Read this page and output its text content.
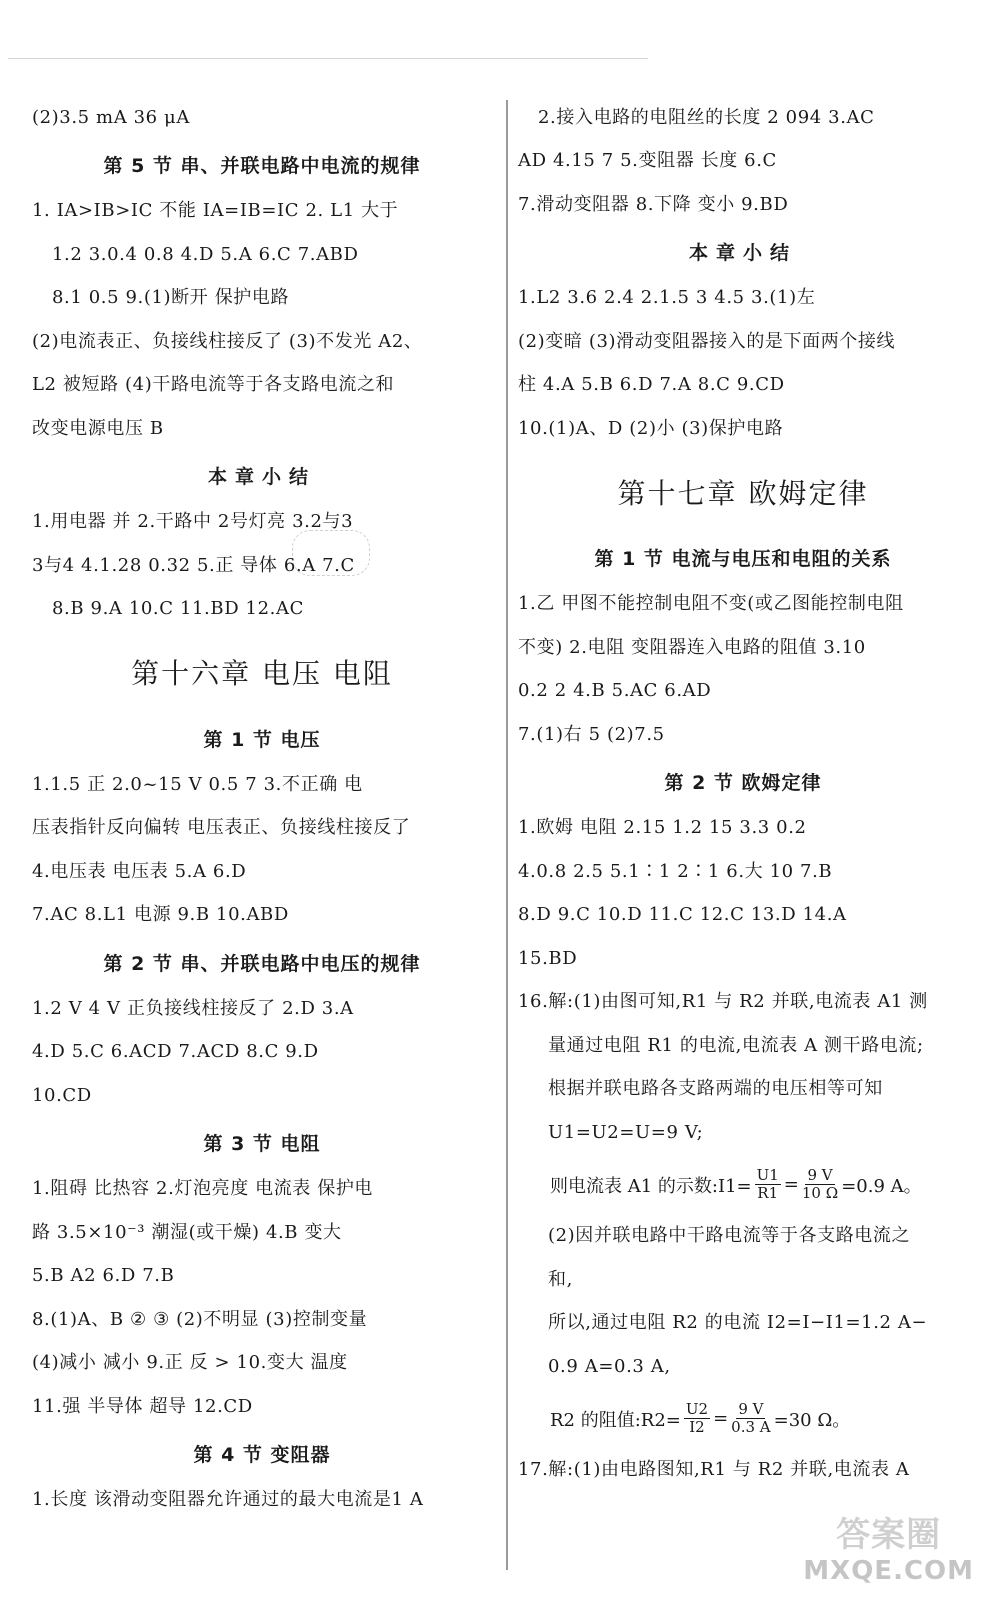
(2)3.5 mA 36 μA
第 5 节 串、并联电路中电流的规律
1. IA>IB>IC 不能 IA=IB=IC 2. L1 大于
1.2 3.0.4 0.8 4.D 5.A 6.C 7.ABD
8.1 0.5 9.(1)断开 保护电路
(2)电流表正、负接线柱接反了 (3)不发光 A2、
L2 被短路 (4)干路电流等于各支路电流之和
改变电源电压 B
本章小结
1.用电器 并 2.干路中 2号灯亮 3.2与3
3与4 4.1.28 0.32 5.正 导体 6.A 7.C
8.B 9.A 10.C 11.BD 12.AC
第十六章 电压 电阻
第 1 节 电压
1.1.5 正 2.0~15 V 0.5 7 3.不正确 电
压表指针反向偏转 电压表正、负接线柱接反了
4.电压表 电压表 5.A 6.D
7.AC 8.L1 电源 9.B 10.ABD
第 2 节 串、并联电路中电压的规律
1.2 V 4 V 正负接线柱接反了 2.D 3.A
4.D 5.C 6.ACD 7.ACD 8.C 9.D
10.CD
第 3 节 电阻
1.阻碍 比热容 2.灯泡亮度 电流表 保护电
路 3.5×10⁻³ 潮湿(或干燥) 4.B 变大
5.B A2 6.D 7.B
8.(1)A、B ② ③ (2)不明显 (3)控制变量
(4)减小 减小 9.正 反 > 10.变大 温度
11.强 半导体 超导 12.CD
第 4 节 变阻器
1.长度 该滑动变阻器允许通过的最大电流是1 A
2.接入电路的电阻丝的长度 2 094 3.AC
AD 4.15 7 5.变阻器 长度 6.C
7.滑动变阻器 8.下降 变小 9.BD
本章小结
1.L2 3.6 2.4 2.1.5 3 4.5 3.(1)左
(2)变暗 (3)滑动变阻器接入的是下面两个接线
柱 4.A 5.B 6.D 7.A 8.C 9.CD
10.(1)A、D (2)小 (3)保护电路
第十七章 欧姆定律
第 1 节 电流与电压和电阻的关系
1.乙 甲图不能控制电阻不变(或乙图能控制电阻
不变) 2.电阻 变阻器连入电路的阻值 3.10
0.2 2 4.B 5.AC 6.AD
7.(1)右 5 (2)7.5
第 2 节 欧姆定律
1.欧姆 电阻 2.15 1.2 15 3.3 0.2
4.0.8 2.5 5.1∶1 2∶1 6.大 10 7.B
8.D 9.C 10.D 11.C 12.C 13.D 14.A
15.BD
16.解:(1)由图可知,R1 与 R2 并联,电流表 A1 测
量通过电阻 R1 的电流,电流表 A 测干路电流;
根据并联电路各支路两端的电压相等可知
U1=U2=U=9 V;
则电流表 A1 的示数:I1= $\frac{U1}{R1} = \frac{9 V}{10 \Omega} =0.9$ A。
(2)因并联电路中干路电流等于各支路电流之
和,
所以,通过电阻 R2 的电流 I2=I−I1=1.2 A−
0.9 A=0.3 A,
R2 的阻值:R2= $\frac{U2}{I2} = \frac{9 V}{0.3 A} =30$ Ω。
17.解:(1)由电路图知,R1 与 R2 并联,电流表 A
答案圈
MXQE.COM
